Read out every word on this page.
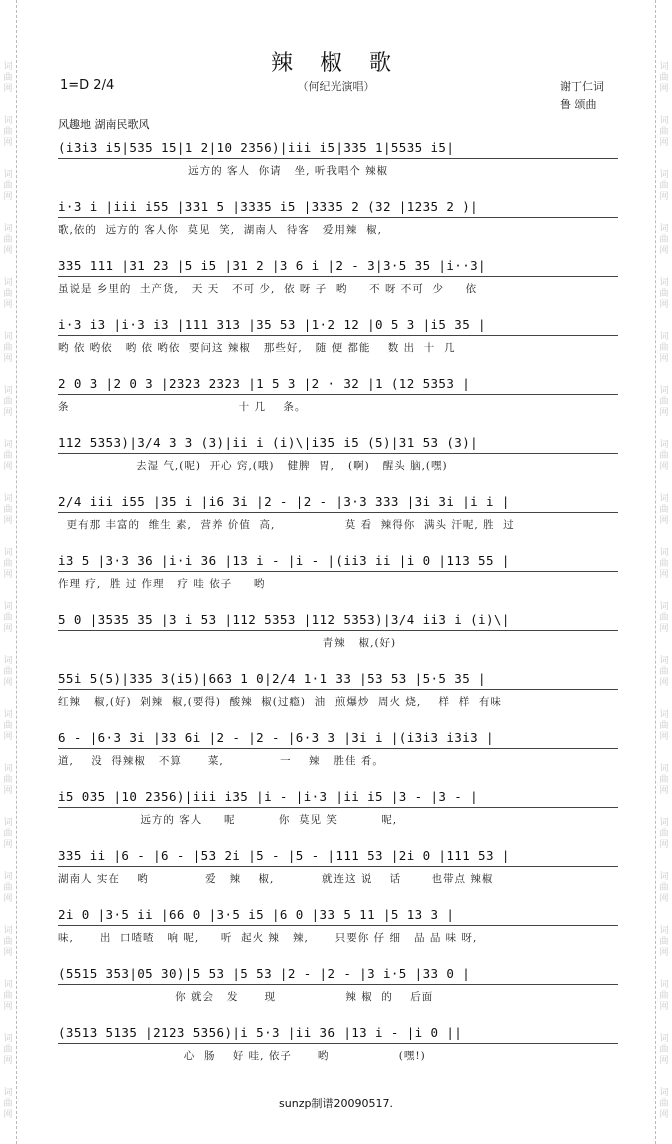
词
曲
网
词
曲
网
词
曲
网
词
曲
网
词
曲
网
词
曲
网
词
曲
网
词
曲
网
词
曲
网
词
曲
网
词
曲
网
词
曲
网
词
曲
网
词
曲
网
词
曲
网
词
曲
网
词
曲
网
词
曲
网
词
曲
网
词
曲
网
词
曲
网
词
曲
网
词
曲
网
词
曲
网
词
曲
网
词
曲
网
词
曲
网
词
曲
网
词
曲
网
词
曲
网
词
曲
网
词
曲
网
词
曲
网
词
曲
网
词
曲
网
词
曲
网
词
曲
网
词
曲
网
词
曲
网
词
曲
网
辣 椒 歌
1=D 2/4	（何纪光演唱）	谢丁仁词
鲁 颂曲
风趣地 湖南民歌风
(i3i3 i5|535 15|1 2|10 2356)|iii i5|335 1|5535 i5|
远方的 客人  你请   坐, 听我唱个 辣椒
i·3 i |iii i55 |331 5 |3335 i5 |3335 2 (32 |1235 2 )|
歌,依的  远方的 客人你  莫见  笑,  湖南人  待客   爱用辣  椒,
335 111 |31 23 |5 i5 |31 2 |3 6 i |2 - 3|3·5 35 |i··3|
虽说是 乡里的  土产货,   天 天   不可 少,  依 呀 子  哟     不 呀 不可  少     依
i·3 i3 |i·3 i3 |111 313 |35 53 |1·2 12 |0 5 3 |i5 35 |
哟 依 哟依   哟 依 哟依  要问这 辣椒   那些好,   随 便 都能    数 出  十  几
2 0 3 |2 0 3 |2323 2323 |1 5 3 |2 · 32 |1 (12 5353 |
条                                       十 几    条。
112 5353)|3/4 3 3 (3)|ii i (i)\|i35 i5 (5)|31 53 (3)|
去湿 气,(呢)  开心 窍,(哦)   健脾  胃,   (啊)   醒头 脑,(嘿)
2/4 iii i55 |35 i |i6 3i |2 - |2 - |3·3 333 |3i 3i |i i |
更有那 丰富的  维生 素,  营养 价值  高,                莫 看  辣得你  满头 汗呢, 胜  过
i3 5 |3·3 36 |i·i 36 |13 i - |i - |(ii3 ii |i 0 |113 55 |
作理 疗,  胜 过 作理   疗 哇 依子     哟
5 0 |3535 35 |3 i 53 |112 5353 |112 5353)|3/4 ii3 i (i)\|
青辣   椒,(好)
55i 5(5)|335 3(i5)|663 1 0|2/4 1·1 33 |53 53 |5·5 35 |
红辣   椒,(好)  剁辣  椒,(要得)  酸辣  椒(过瘾)  油  煎爆炒  周火 烧,    样  样  有味
6 - |6·3 3i |33 6i |2 - |2 - |6·3 3 |3i i |(i3i3 i3i3 |
道,    没  得辣椒   不算      菜,             一    辣   胜佳 肴。
i5 035 |10 2356)|iii i35 |i - |i·3 |ii i5 |3 - |3 - |
远方的 客人     呢          你  莫见 笑          呢,
335 ii |6 - |6 - |53 2i |5 - |5 - |111 53 |2i 0 |111 53 |
湖南人 实在    哟             爱   辣    椒,           就连这 说    话       也带点 辣椒
2i 0 |3·5 ii |66 0 |3·5 i5 |6 0 |33 5 11 |5 13 3 |
味,      出  口喳喳   响 呢,     听  起火 辣   辣,      只要你 仔 细   品 品 味 呀,
(5515 353|05 30)|5 53 |5 53 |2 - |2 - |3 i·5 |33 0 |
你 就会   发      现                辣 椒  的    后面
(3513 5135 |2123 5356)|i 5·3 |ii 36 |13 i - |i 0 ||
心  肠    好 哇, 依子      哟                (嘿!)
sunzp制谱20090517.
